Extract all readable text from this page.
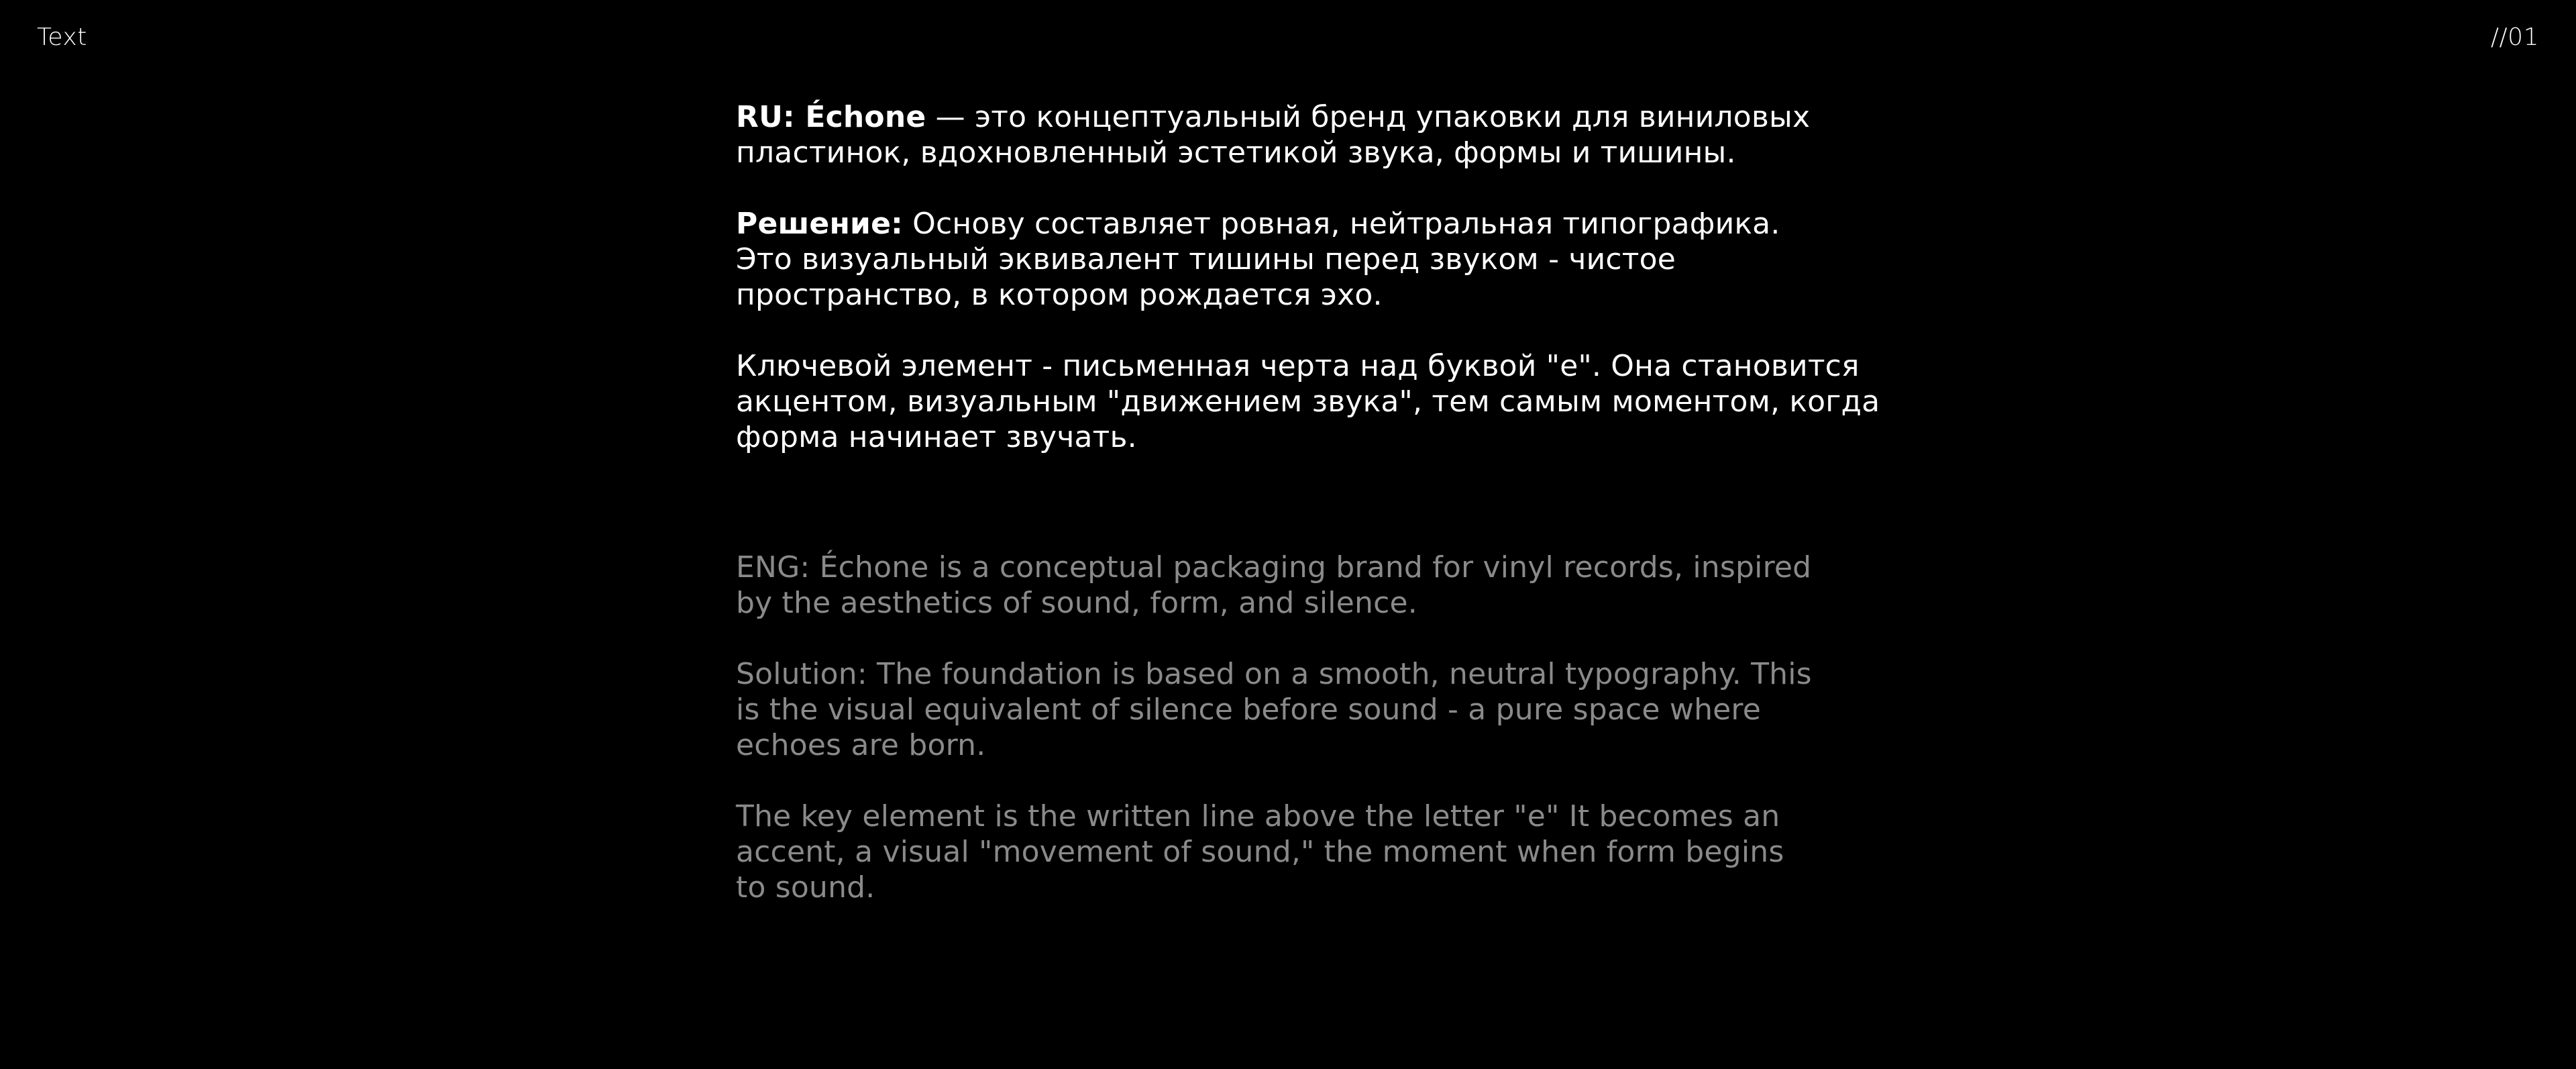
Text	//01

RU: Échone — это концептуальный бренд упаковки для виниловых
пластинок, вдохновленный эстетикой звука, формы и тишины.

Решение: Основу составляет ровная, нейтральная типографика.
Это визуальный эквивалент тишины перед звуком - чистое
пространство, в котором рождается эхо.

Ключевой элемент - письменная черта над буквой "е". Она становится
акцентом, визуальным "движением звука", тем самым моментом, когда
форма начинает звучать.

ENG: Échone is a conceptual packaging brand for vinyl records, inspired
by the aesthetics of sound, form, and silence.

Solution: The foundation is based on a smooth, neutral typography. This
is the visual equivalent of silence before sound - a pure space where
echoes are born.

The key element is the written line above the letter "e" It becomes an
accent, a visual "movement of sound," the moment when form begins
to sound.
